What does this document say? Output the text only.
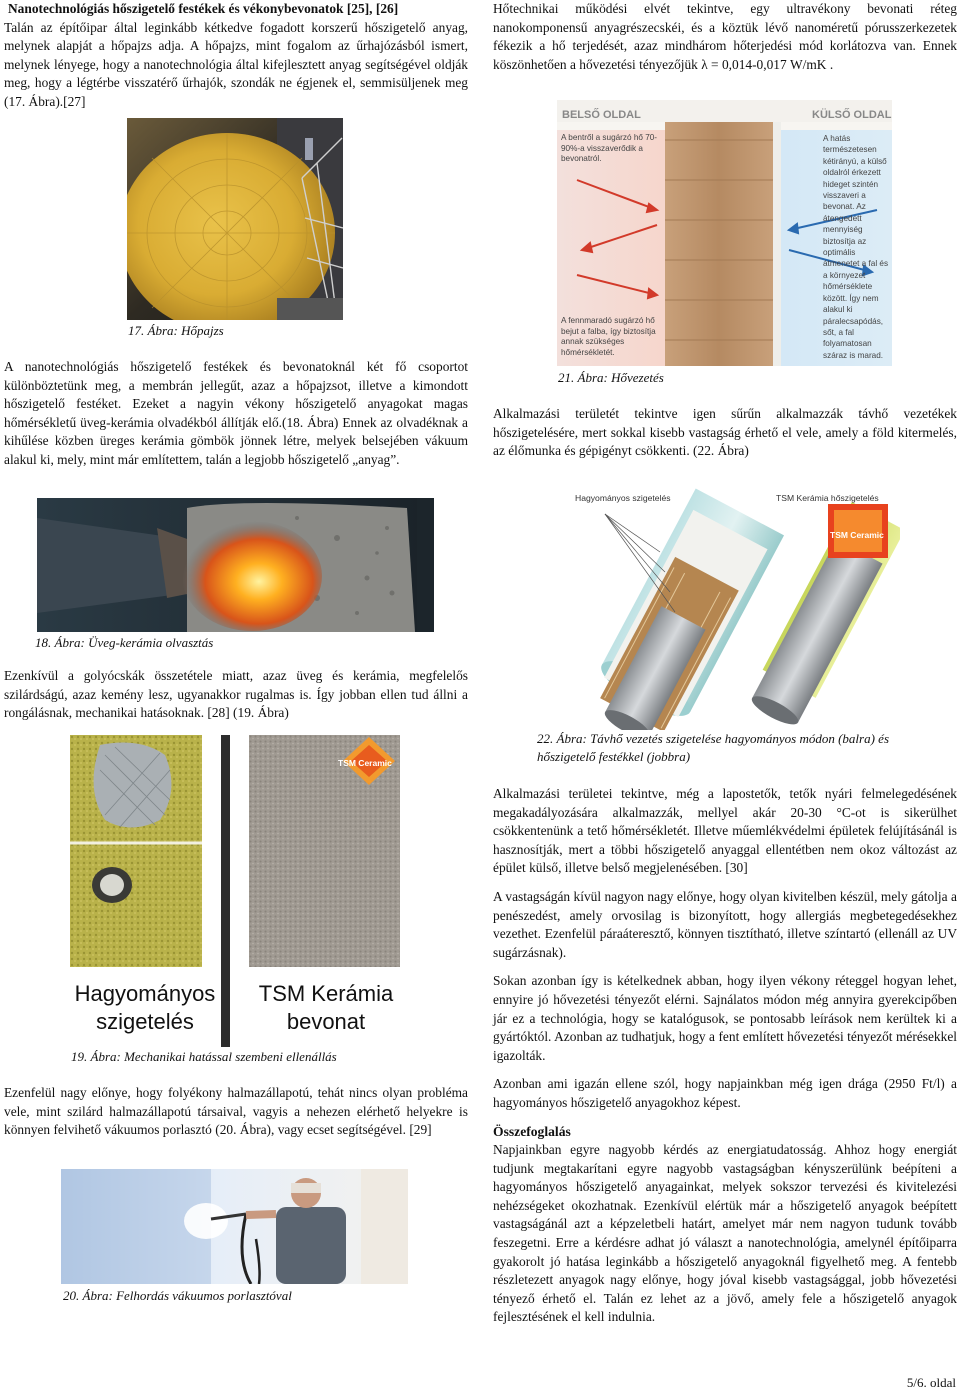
Nanotechnológiás hőszigetelő festékek és vékonybevonatok [25], [26]

Talán az építőipar által leginkább kétkedve fogadott korszerű hőszigetelő anyag, melynek alapját a hőpajzs adja. A hőpajzs, mint fogalom az űrhajózásból ismert, melynek lényege, hogy a nanotechnológia által kifejlesztett anyag segítségével oldják meg, hogy a légtérbe visszatérő űrhajók, szondák ne égjenek el, semmisüljenek meg (17. Ábra).[27]

17. Ábra: Hőpajzs

A nanotechnológiás hőszigetelő festékek és bevonatoknál két fő csoportot különböztetünk meg, a membrán jellegűt, azaz a hőpajzsot, illetve a kimondott hőszigetelő festéket. Ezeket a nagyin vékony hőszigetelő anyagokat magas hőmérsékletű üveg-kerámia olvadékból állítják elő.(18. Ábra) Ennek az olvadéknak a kihűlése közben üreges kerámia gömbök jönnek létre, melyek belsejében vákuum alakul ki, mely, mint már említettem, talán a legjobb hőszigetelő „anyag”.

18. Ábra: Üveg-kerámia olvasztás

Ezenkívül a golyócskák összetétele miatt, azaz üveg és kerámia, megfelelős szilárdságú, azaz kemény lesz, ugyanakkor rugalmas is. Így jobban ellen tud állni a rongálásnak, mechanikai hatásoknak. [28] (19. Ábra)

TSM Ceramic
Hagyományos
szigetelés
TSM Kerámia
bevonat
19. Ábra: Mechanikai hatással szembeni ellenállás

Ezenfelül nagy előnye, hogy folyékony halmazállapotú, tehát nincs olyan probléma vele, mint szilárd halmazállapotú társaival, vagyis a nehezen elérhető helyekre is könnyen felvihető vákuumos porlasztó (20. Ábra), vagy ecset segítségével. [29]

20. Ábra: Felhordás vákuumos porlasztóval

Hőtechnikai működési elvét tekintve, egy ultravékony bevonati réteg nanokomponensű anyagrészecskéi, és a köztük lévő nanoméretű pórusszerkezetek fékezik a hő terjedését, azaz mindhárom hőterjedési mód korlátozva van. Ennek köszönhetően a hővezetési tényezőjük λ = 0,014-0,017 W/mK .

BELSŐ OLDAL	KÜLSŐ OLDAL
A bentről a sugárzó hő 70-90%-a visszaverődik a bevonatról.
A fennmaradó sugárzó hő bejut a falba, így biztosítja annak szükséges hőmérsékletét.
A hatás természetesen kétirányú, a külső oldalról érkezett hideget szintén visszaveri a bevonat. Az átengedett mennyiség biztosítja az optimális átmenetet a fal és a környezet hőmérséklete között. Így nem alakul ki páralecsapódás, sőt, a fal folyamatosan száraz is marad.
21. Ábra: Hővezetés

Alkalmazási területét tekintve igen sűrűn alkalmazzák távhő vezetékek hőszigetelésére, mert sokkal kisebb vastagság érhető el vele, amely a föld kitermelés, az élőmunka és gépigényt csökkenti. (22. Ábra)

Hagyományos szigetelés	TSM Kerámia hőszigetelés
TSM Ceramic
22. Ábra: Távhő vezetés szigetelése hagyományos módon (balra) és
hőszigetelő festékkel (jobbra)

Alkalmazási területei tekintve, még a lapostetők, tetők nyári felmelegedésének megakadályozására alkalmazzák, mellyel akár 20-30 °C-ot is sikerülhet csökkentenünk a tető hőmérsékletét. Illetve műemlékvédelmi épületek felújításánál is hasznosítják, mert a többi hőszigetelő anyaggal ellentétben nem okoz változást az épület külső, illetve belső megjelenésében. [30]

A vastagságán kívül nagyon nagy előnye, hogy olyan kivitelben készül, mely gátolja a penészedést, amely orvosilag is bizonyított, hogy allergiás megbetegedésekhez vezethet. Ezenfelül páraáteresztő, könnyen tisztítható, illetve színtartó (ellenáll az UV sugárzásnak).

Sokan azonban így is kételkednek abban, hogy ilyen vékony réteggel hogyan lehet, ennyire jó hővezetési tényezőt elérni. Sajnálatos módon még annyira gyerekcipőben jár ez a technológia, hogy se katalógusok, se pontosabb leírások nem kerültek ki a gyártóktól. Azonban az tudhatjuk, hogy a fent említett hővezetési tényezőt mérésekkel igazolták.

Azonban ami igazán ellene szól, hogy napjainkban még igen drága (2950 Ft/l) a hagyományos hőszigetelő anyagokhoz képest.

Összefoglalás

Napjainkban egyre nagyobb kérdés az energiatudatosság. Ahhoz hogy energiát tudjunk megtakarítani egyre nagyobb vastagságban kényszerülünk beépíteni a hagyományos hőszigetelő anyagainkat, melyek sokszor tervezési és kivitelezési nehézségeket okozhatnak. Ezenkívül elértük már a hőszigetelő anyagok beépített vastagságánál azt a képzeletbeli határt, amelyet már nem nagyon tudunk tovább feszegetni. Erre a kérdésre adhat jó választ a nanotechnológia, amelynél építőiparra gyakorolt jó hatása leginkább a hőszigetelő anyagoknál figyelhető meg. A fentebb részletezett anyagok nagy előnye, hogy jóval kisebb vastagsággal, jobb hővezetési tényező érhető el. Talán ez lehet az a jövő, amely fele a hőszigetelő anyagok fejlesztésének el kell indulnia.

5/6. oldal
